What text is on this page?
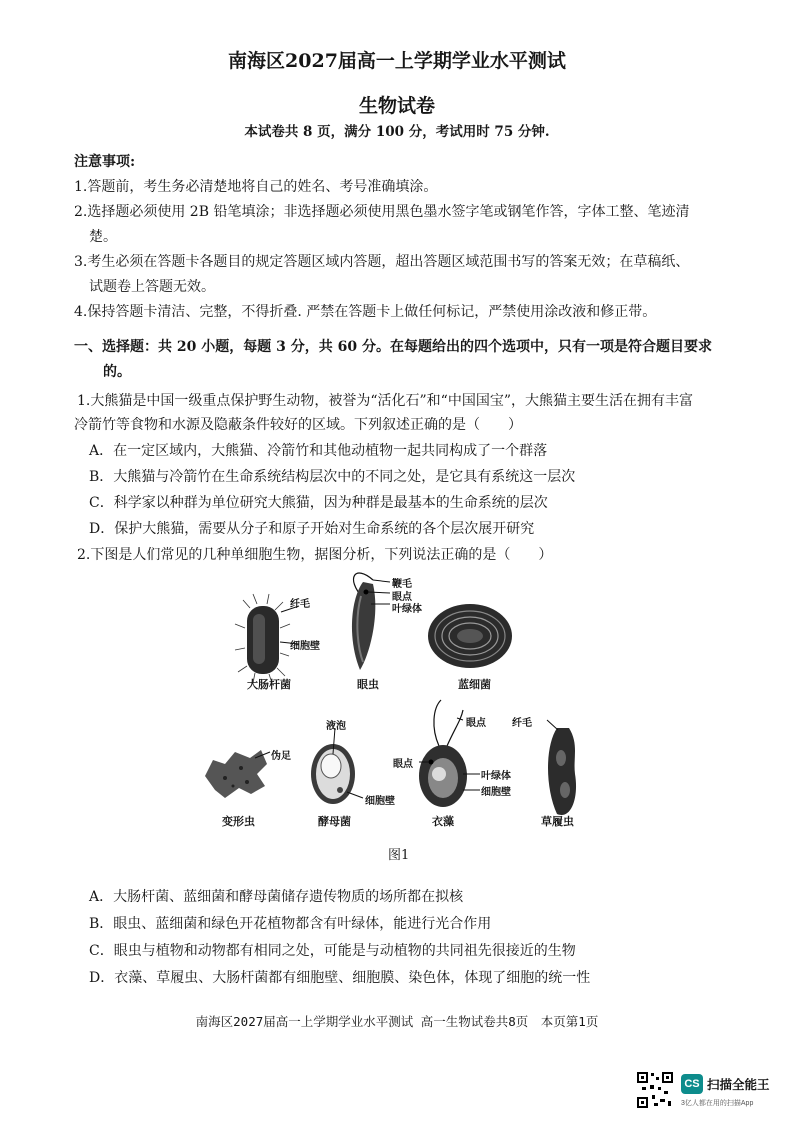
南海区2027届高一上学期学业水平测试
生物试卷
本试卷共 8 页，满分 100 分，考试用时 75 分钟.
注意事项:
1.答题前，考生务必清楚地将自己的姓名、考号准确填涂。
2.选择题必须使用 2B 铅笔填涂；非选择题必须使用黑色墨水签字笔或钢笔作答，字体工整、笔迹清
楚。
3.考生必须在答题卡各题目的规定答题区域内答题，超出答题区域范围书写的答案无效；在草稿纸、
试题卷上答题无效。
4.保持答题卡清洁、完整，不得折叠. 严禁在答题卡上做任何标记，严禁使用涂改液和修正带。
一、选择题：共 20 小题，每题 3 分，共 60 分。在每题给出的四个选项中，只有一项是符合题目要求
的。
1.大熊猫是中国一级重点保护野生动物，被誉为“活化石”和“中国国宝”，大熊猫主要生活在拥有丰富
冷箭竹等食物和水源及隐蔽条件较好的区域。下列叙述正确的是（　　）
A．在一定区域内，大熊猫、冷箭竹和其他动植物一起共同构成了一个群落
B．大熊猫与冷箭竹在生命系统结构层次中的不同之处，是它具有系统这一层次
C．科学家以种群为单位研究大熊猫，因为种群是最基本的生命系统的层次
D．保护大熊猫，需要从分子和原子开始对生命系统的各个层次展开研究
2.下图是人们常见的几种单细胞生物，据图分析，下列说法正确的是（　　）
纤毛
细胞壁
鞭毛
眼点
叶绿体
大肠杆菌	眼虫	蓝细菌
伪足
液泡
细胞壁
眼点
眼点
叶绿体
细胞壁
纤毛
变形虫	酵母菌	衣藻	草履虫
图1
A．大肠杆菌、蓝细菌和酵母菌储存遗传物质的场所都在拟核
B．眼虫、蓝细菌和绿色开花植物都含有叶绿体，能进行光合作用
C．眼虫与植物和动物都有相同之处，可能是与动植物的共同祖先很接近的生物
D．衣藻、草履虫、大肠杆菌都有细胞壁、细胞膜、染色体，体现了细胞的统一性
南海区2027届高一上学期学业水平测试 高一生物试卷共8页　本页第1页
CS 扫描全能王
3亿人都在用的扫描App
